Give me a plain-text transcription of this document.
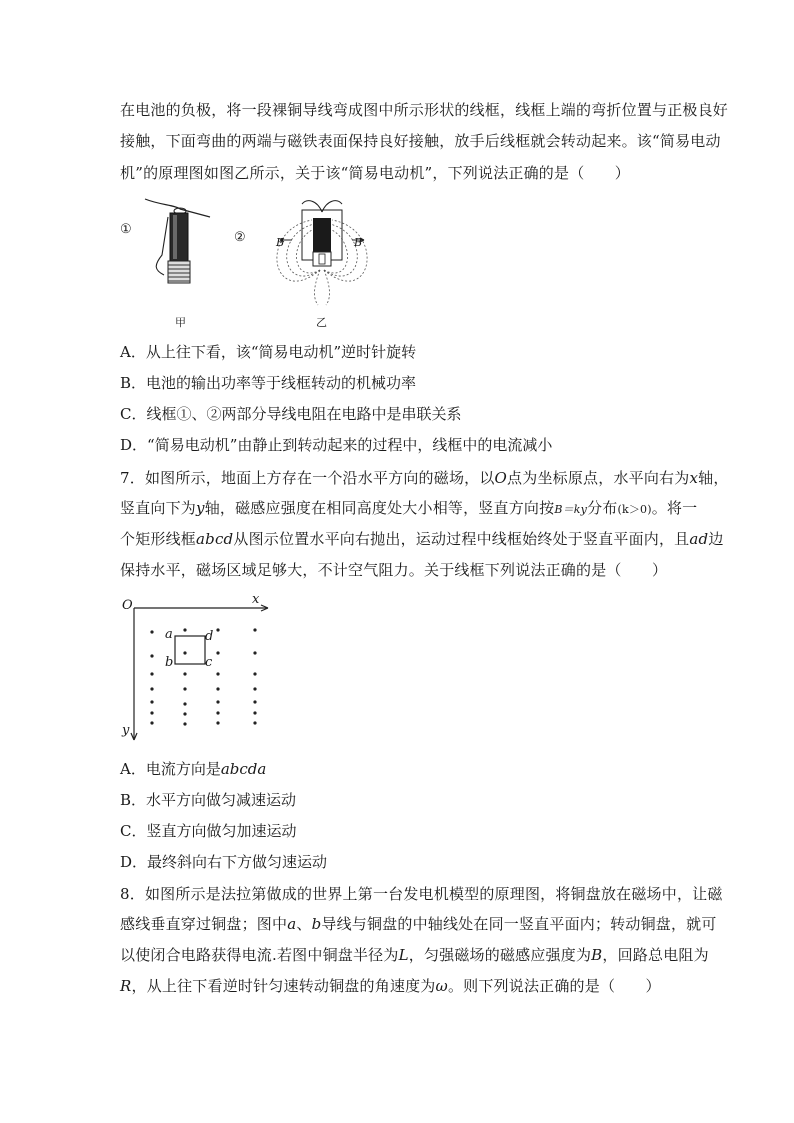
在电池的负极，将一段裸铜导线弯成图中所示形状的线框，线框上端的弯折位置与正极良好
接触，下面弯曲的两端与磁铁表面保持良好接触，放手后线框就会转动起来。该“简易电动
机”的原理图如图乙所示，关于该“简易电动机”，下列说法正确的是（　　）
①
甲
②	B	B
乙
A．从上往下看，该“简易电动机”逆时针旋转
B．电池的输出功率等于线框转动的机械功率
C．线框①、②两部分导线电阻在电路中是串联关系
D．“简易电动机”由静止到转动起来的过程中，线框中的电流减小
7．如图所示，地面上方存在一个沿水平方向的磁场，以O点为坐标原点，水平向右为x轴，
竖直向下为y轴，磁感应强度在相同高度处大小相等，竖直方向按B＝ky分布(k＞0)。将一
个矩形线框abcd从图示位置水平向右抛出，运动过程中线框始终处于竖直平面内，且ad边
保持水平，磁场区域足够大，不计空气阻力。关于线框下列说法正确的是（　　）
O	x
y
a
b c
d
A．电流方向是abcda
B．水平方向做匀减速运动
C．竖直方向做匀加速运动
D．最终斜向右下方做匀速运动
8．如图所示是法拉第做成的世界上第一台发电机模型的原理图，将铜盘放在磁场中，让磁
感线垂直穿过铜盘；图中a、b导线与铜盘的中轴线处在同一竖直平面内；转动铜盘，就可
以使闭合电路获得电流.若图中铜盘半径为L，匀强磁场的磁感应强度为B，回路总电阻为
R，从上往下看逆时针匀速转动铜盘的角速度为ω。则下列说法正确的是（　　）
